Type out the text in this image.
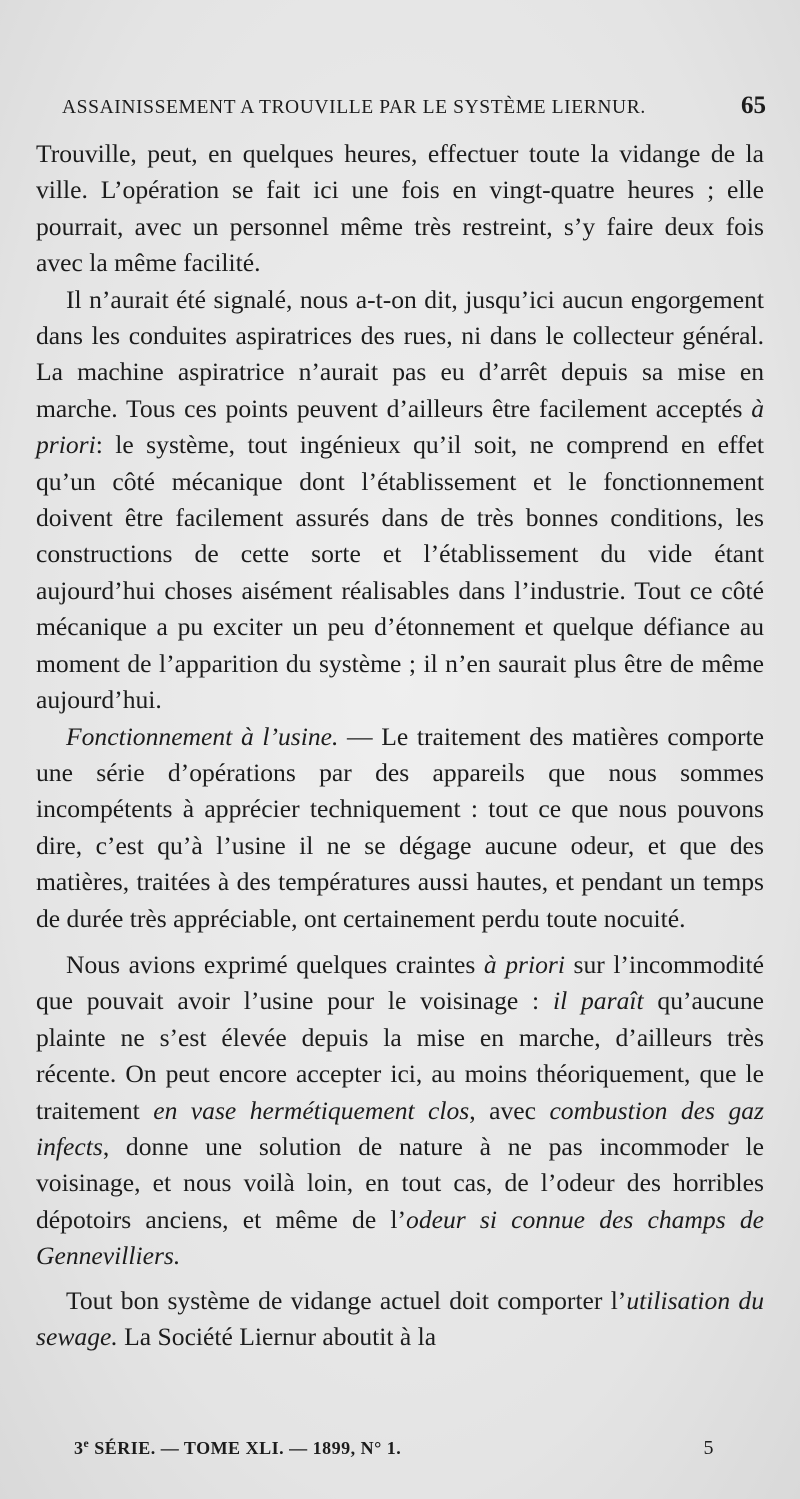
ASSAINISSEMENT A TROUVILLE PAR LE SYSTÈME LIERNUR.	65

Trouville, peut, en quelques heures, effectuer toute la vidange de la ville. L’opération se fait ici une fois en vingt-quatre heures ; elle pourrait, avec un personnel même très restreint, s’y faire deux fois avec la même facilité.

Il n’aurait été signalé, nous a-t-on dit, jusqu’ici aucun engorgement dans les conduites aspiratrices des rues, ni dans le collecteur général. La machine aspiratrice n’aurait pas eu d’arrêt depuis sa mise en marche. Tous ces points peuvent d’ailleurs être facilement acceptés à priori: le système, tout ingénieux qu’il soit, ne comprend en effet qu’un côté mécanique dont l’établissement et le fonctionnement doivent être facilement assurés dans de très bonnes conditions, les constructions de cette sorte et l’établissement du vide étant aujourd’hui choses aisément réalisables dans l’industrie. Tout ce côté mécanique a pu exciter un peu d’étonnement et quelque défiance au moment de l’apparition du système ; il n’en saurait plus être de même aujourd’hui.

Fonctionnement à l’usine. — Le traitement des matières comporte une série d’opérations par des appareils que nous sommes incompétents à apprécier techniquement : tout ce que nous pouvons dire, c’est qu’à l’usine il ne se dégage aucune odeur, et que des matières, traitées à des températures aussi hautes, et pendant un temps de durée très appréciable, ont certainement perdu toute nocuité.

Nous avions exprimé quelques craintes à priori sur l’incommodité que pouvait avoir l’usine pour le voisinage : il paraît qu’aucune plainte ne s’est élevée depuis la mise en marche, d’ailleurs très récente. On peut encore accepter ici, au moins théoriquement, que le traitement en vase hermétiquement clos, avec combustion des gaz infects, donne une solution de nature à ne pas incommoder le voisinage, et nous voilà loin, en tout cas, de l’odeur des horribles dépotoirs anciens, et même de l’odeur si connue des champs de Gennevilliers.

Tout bon système de vidange actuel doit comporter l’utilisation du sewage. La Société Liernur aboutit à la

3e SÉRIE. — TOME XLI. — 1899, N° 1.	5
